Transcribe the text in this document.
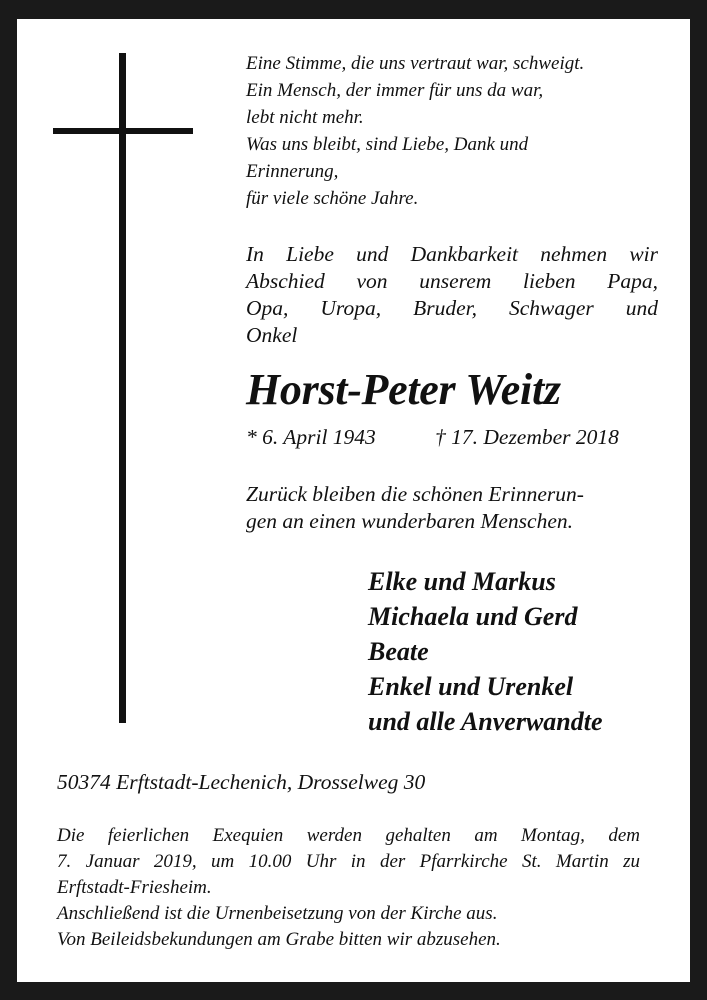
Eine Stimme, die uns vertraut war, schweigt.
Ein Mensch, der immer für uns da war,
lebt nicht mehr.
Was uns bleibt, sind Liebe, Dank und
Erinnerung,
für viele schöne Jahre.
In Liebe und Dankbarkeit nehmen wir
Abschied von unserem lieben Papa,
Opa, Uropa, Bruder, Schwager und
Onkel
Horst-Peter Weitz
* 6. April 1943	† 17. Dezember 2018
Zurück bleiben die schönen Erinnerun-
gen an einen wunderbaren Menschen.
Elke und Markus
Michaela und Gerd
Beate
Enkel und Urenkel
und alle Anverwandte
50374 Erftstadt-Lechenich, Drosselweg 30
Die feierlichen Exequien werden gehalten am Montag, dem
7. Januar 2019, um 10.00 Uhr in der Pfarrkirche St. Martin zu
Erftstadt-Friesheim.
Anschließend ist die Urnenbeisetzung von der Kirche aus.
Von Beileidsbekundungen am Grabe bitten wir abzusehen.
